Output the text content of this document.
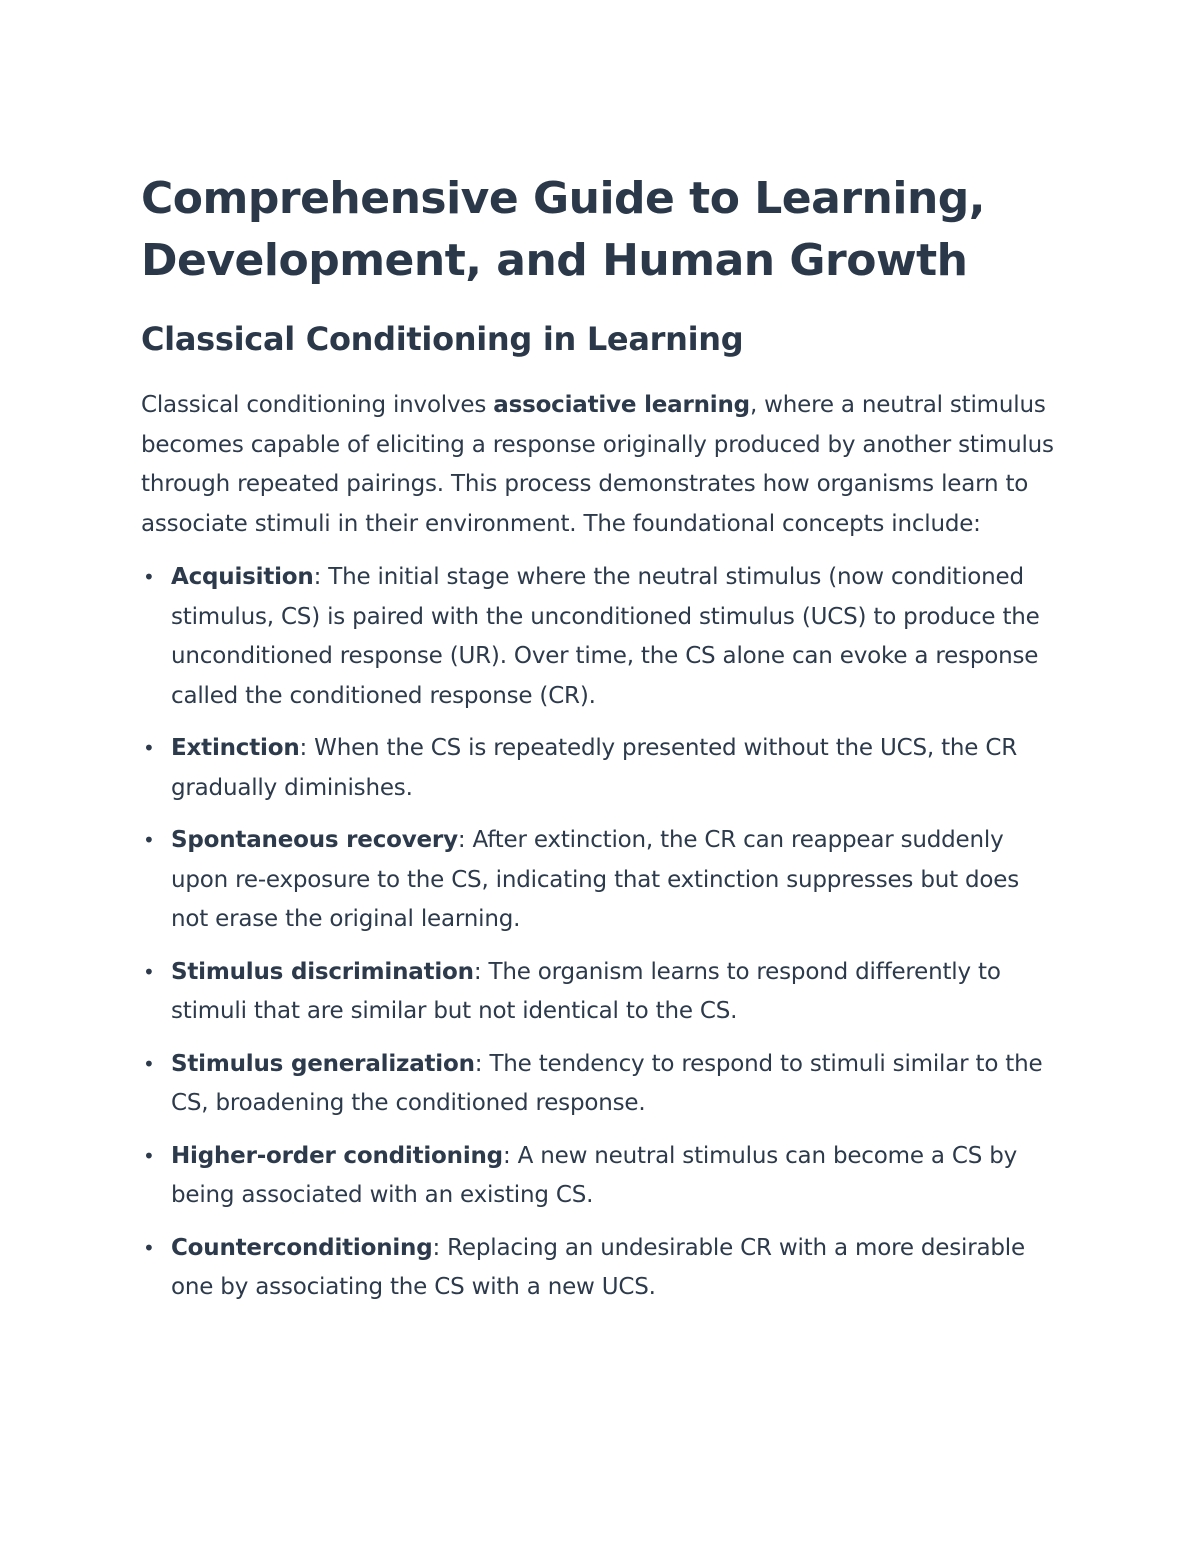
Comprehensive Guide to Learning, Development, and Human Growth
Classical Conditioning in Learning

Classical conditioning involves associative learning, where a neutral stimulus becomes capable of eliciting a response originally produced by another stimulus through repeated pairings. This process demonstrates how organisms learn to associate stimuli in their environment. The foundational concepts include:

• Acquisition: The initial stage where the neutral stimulus (now conditioned stimulus, CS) is paired with the unconditioned stimulus (UCS) to produce the unconditioned response (UR). Over time, the CS alone can evoke a response called the conditioned response (CR).
• Extinction: When the CS is repeatedly presented without the UCS, the CR gradually diminishes.
• Spontaneous recovery: After extinction, the CR can reappear suddenly upon re-exposure to the CS, indicating that extinction suppresses but does not erase the original learning.
• Stimulus discrimination: The organism learns to respond differently to stimuli that are similar but not identical to the CS.
• Stimulus generalization: The tendency to respond to stimuli similar to the CS, broadening the conditioned response.
• Higher-order conditioning: A new neutral stimulus can become a CS by being associated with an existing CS.
• Counterconditioning: Replacing an undesirable CR with a more desirable one by associating the CS with a new UCS.
